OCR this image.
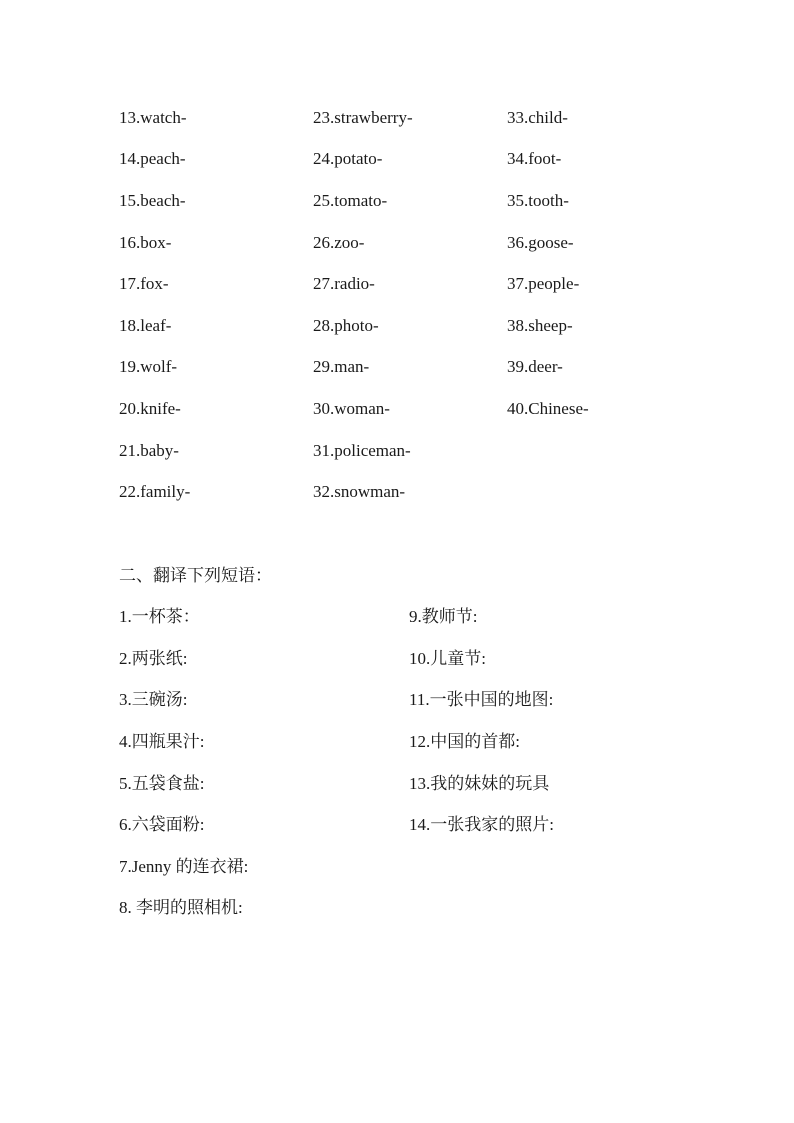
13.watch-
14.peach-
15.beach-
16.box-
17.fox-
18.leaf-
19.wolf-
20.knife-
21.baby-
22.family-
23.strawberry-
24.potato-
25.tomato-
26.zoo-
27.radio-
28.photo-
29.man-
30.woman-
31.policeman-
32.snowman-
33.child-
34.foot-
35.tooth-
36.goose-
37.people-
38.sheep-
39.deer-
40.Chinese-
二、翻译下列短语：
1.一杯茶：
2.两张纸:
3.三碗汤:
4.四瓶果汁:
5.五袋食盐:
6.六袋面粉:
7.Jenny 的连衣裙:
8. 李明的照相机:
9.教师节:
10.儿童节:
11.一张中国的地图:
12.中国的首都:
13.我的妹妹的玩具
14.一张我家的照片:
